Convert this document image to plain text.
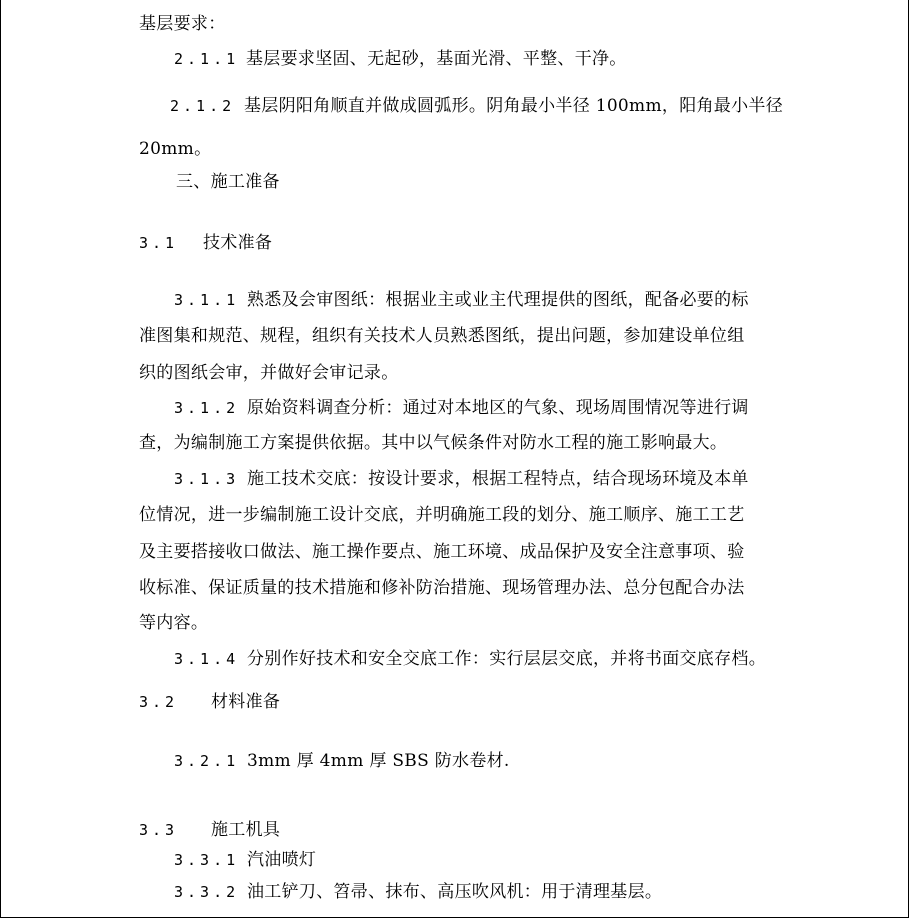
基层要求：
2.1.1 基层要求坚固、无起砂，基面光滑、平整、干净。
2.1.2 基层阴阳角顺直并做成圆弧形。阴角最小半径 100mm，阳角最小半径
20mm。
三、施工准备
3.1 技术准备
3.1.1 熟悉及会审图纸：根据业主或业主代理提供的图纸，配备必要的标
准图集和规范、规程，组织有关技术人员熟悉图纸，提出问题，参加建设单位组
织的图纸会审，并做好会审记录。
3.1.2 原始资料调查分析：通过对本地区的气象、现场周围情况等进行调
查，为编制施工方案提供依据。其中以气候条件对防水工程的施工影响最大。
3.1.3 施工技术交底：按设计要求，根据工程特点，结合现场环境及本单
位情况，进一步编制施工设计交底，并明确施工段的划分、施工顺序、施工工艺
及主要搭接收口做法、施工操作要点、施工环境、成品保护及安全注意事项、验
收标准、保证质量的技术措施和修补防治措施、现场管理办法、总分包配合办法
等内容。
3.1.4 分别作好技术和安全交底工作：实行层层交底，并将书面交底存档。
3.2 材料准备
3.2.1 3mm 厚 4mm 厚 SBS 防水卷材.
3.3 施工机具
3.3.1 汽油喷灯
3.3.2 油工铲刀、笤帚、抹布、高压吹风机：用于清理基层。
